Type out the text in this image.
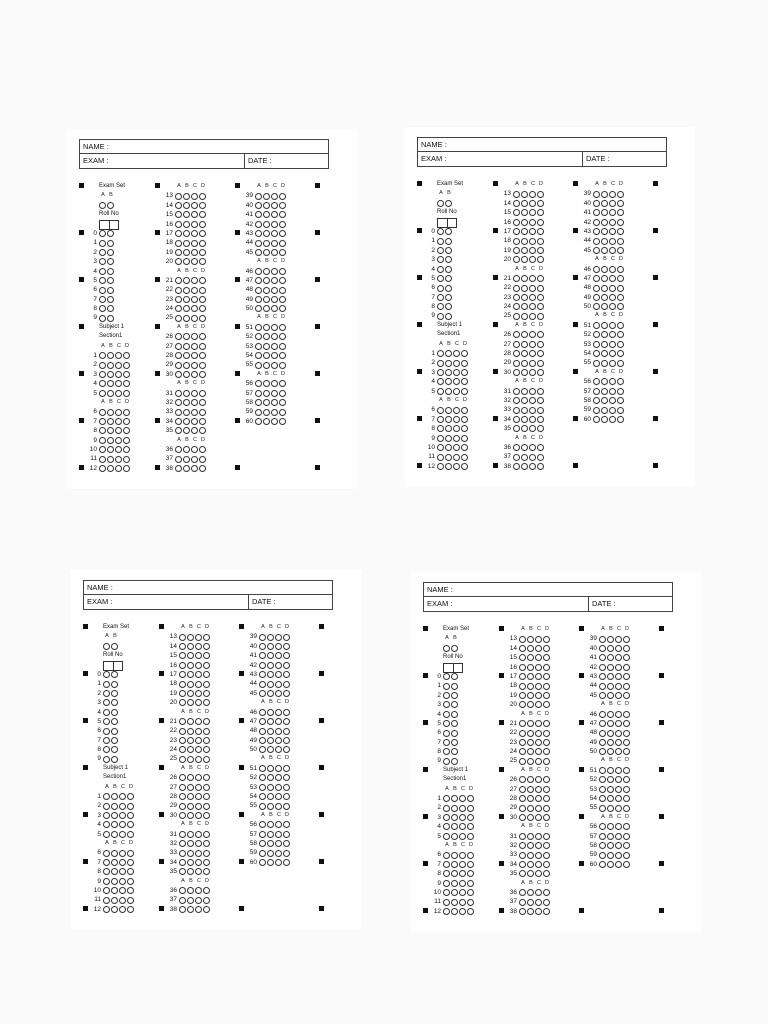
NAME :
EXAM :	DATE :
Exam Set
A B
Roll No
0
1
2
3
4
5
6
7
8
9
Subject 1
Section1
A B C D
1
2
3
4
5
A B C D
6
7
8
9
10
11
12
A B C D
13
14
15
16
17
18
19
20
A B C D
21
22
23
24
25
A B C D
26
27
28
29
30
A B C D
31
32
33
34
35
A B C D
36
37
38
A B C D
39
40
41
42
43
44
45
A B C D
46
47
48
49
50
A B C D
51
52
53
54
55
A B C D
56
57
58
59
60
NAME :
EXAM :	DATE :
Exam Set
A B
Roll No
0
1
2
3
4
5
6
7
8
9
Subject 1
Section1
A B C D
1
2
3
4
5
A B C D
6
7
8
9
10
11
12
A B C D
13
14
15
16
17
18
19
20
A B C D
21
22
23
24
25
A B C D
26
27
28
29
30
A B C D
31
32
33
34
35
A B C D
36
37
38
A B C D
39
40
41
42
43
44
45
A B C D
46
47
48
49
50
A B C D
51
52
53
54
55
A B C D
56
57
58
59
60
NAME :
EXAM :	DATE :
Exam Set
A B
Roll No
0
1
2
3
4
5
6
7
8
9
Subject 1
Section1
A B C D
1
2
3
4
5
A B C D
6
7
8
9
10
11
12
A B C D
13
14
15
16
17
18
19
20
A B C D
21
22
23
24
25
A B C D
26
27
28
29
30
A B C D
31
32
33
34
35
A B C D
36
37
38
A B C D
39
40
41
42
43
44
45
A B C D
46
47
48
49
50
A B C D
51
52
53
54
55
A B C D
56
57
58
59
60
NAME :
EXAM :	DATE :
Exam Set
A B
Roll No
0
1
2
3
4
5
6
7
8
9
Subject 1
Section1
A B C D
1
2
3
4
5
A B C D
6
7
8
9
10
11
12
A B C D
13
14
15
16
17
18
19
20
A B C D
21
22
23
24
25
A B C D
26
27
28
29
30
A B C D
31
32
33
34
35
A B C D
36
37
38
A B C D
39
40
41
42
43
44
45
A B C D
46
47
48
49
50
A B C D
51
52
53
54
55
A B C D
56
57
58
59
60
